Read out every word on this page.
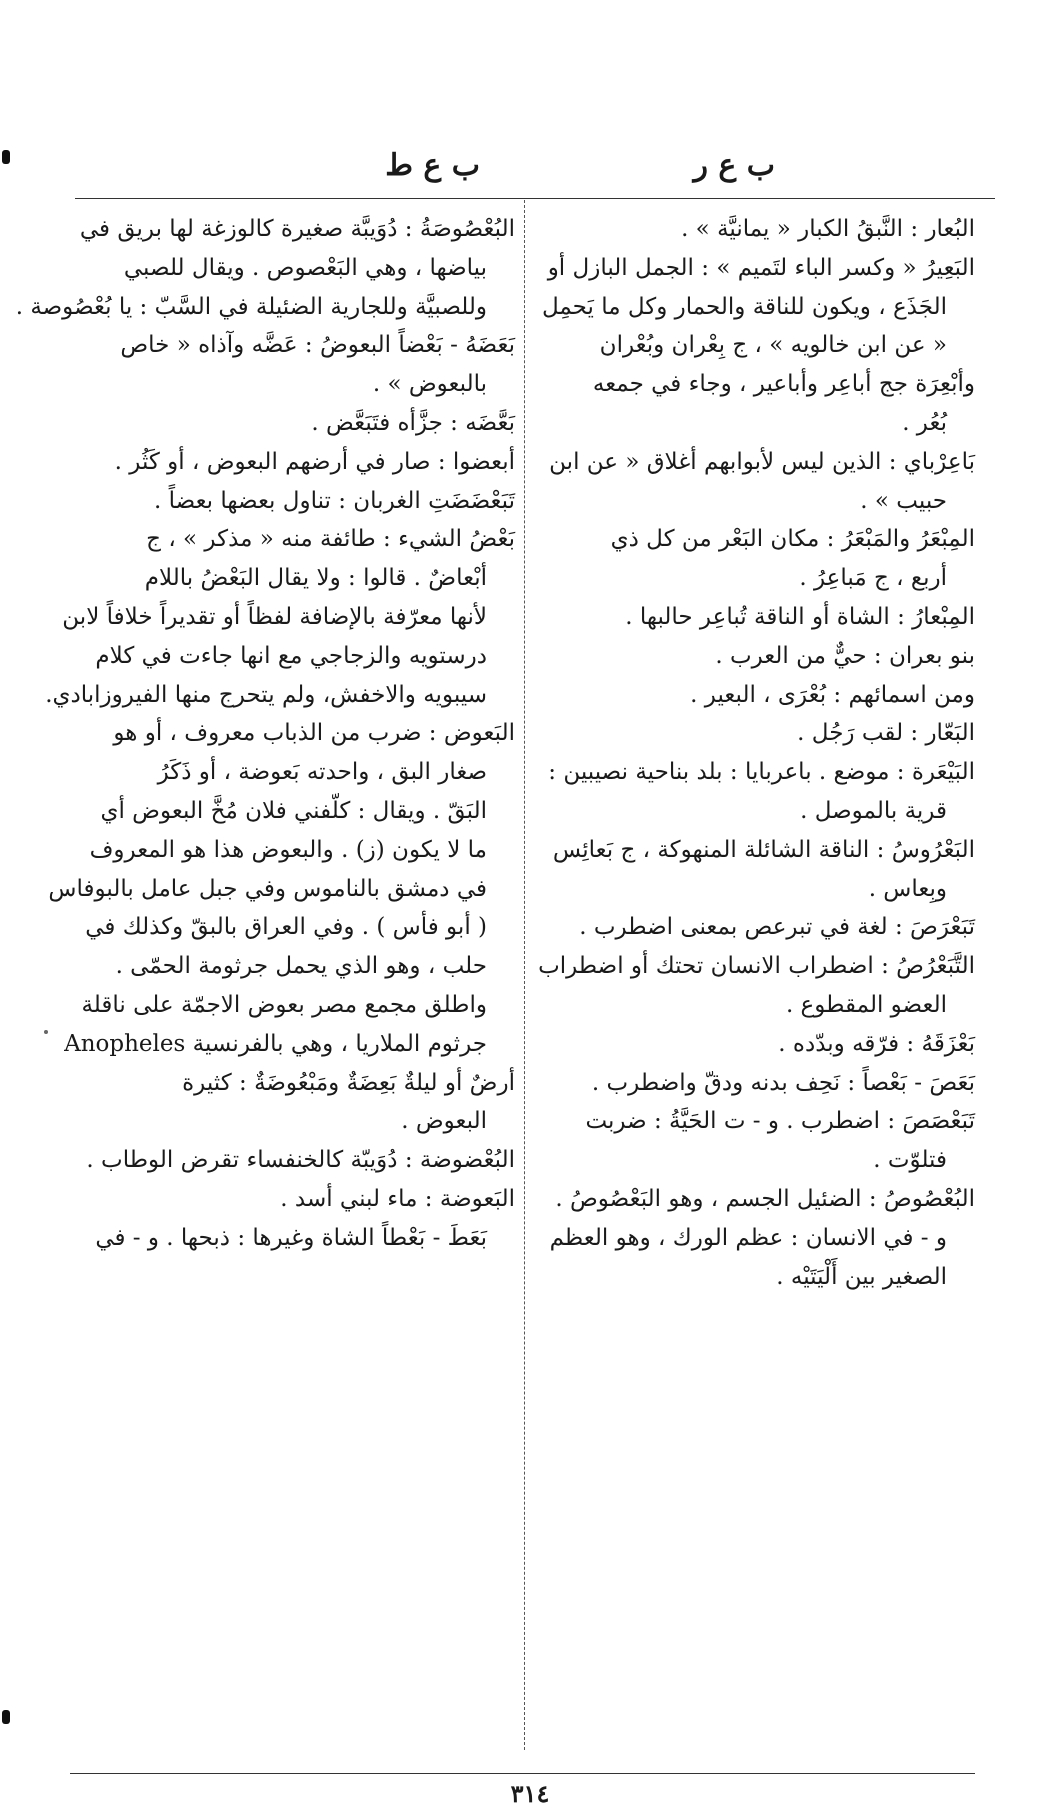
ب ع ر
ب ع ط
البُعار : النَّبقُ الكبار « يمانيَّة » .
البَعِيرُ « وكسر الباء لتَميم » : الجمل البازل أو
الجَذَع ، ويكون للناقة والحمار وكل ما يَحمِل
« عن ابن خالويه » ، ج بِعْران وبُعْران
وأبْعِرَة جج أباعِر وأباعير ، وجاء في جمعه
بُعُر .
بَاعِرْباي : الذين ليس لأبوابهم أغلاق « عن ابن
حبيب » .
المِبْعَرُ والمَبْعَرُ : مكان البَعْر من كل ذي
أربع ، ج مَباعِرُ .
المِبْعارُ : الشاة أو الناقة تُباعِر حالبها .
بنو بعران : حيٌّ من العرب .
ومن اسمائهم : بُعْرَى ، البعير .
البَعّار : لقب رَجُل .
البَيْعَرة : موضع . باعربايا : بلد بناحية نصيبين :
قرية بالموصل .
البَعْرُوسُ : الناقة الشائلة المنهوكة ، ج بَعائِس
وبِعاس .
تَبَعْرَصَ : لغة في تبرعص بمعنى اضطرب .
التَّبَعْرُصُ : اضطراب الانسان تحتك أو اضطراب
العضو المقطوع .
بَعْزَقَهُ : فرّقه وبدّده .
بَعَصَ - بَعْصاً : نَحِف بدنه ودقّ واضطرب .
تَبَعْصَصَ : اضطرب . و - ت الحَيَّةُ : ضربت
فتلوّت .
البُعْصُوصُ : الضئيل الجسم ، وهو البَعْصُوصُ .
و - في الانسان : عظم الورك ، وهو العظم
الصغير بين أَلْيَتَيْه .
البُعْصُوصَةُ : دُوَيبَّة صغيرة كالوزغة لها بريق في
بياضها ، وهي البَعْصوص . ويقال للصبي
وللصبيَّة وللجارية الضئيلة في السَّبّ : يا بُعْصُوصة .
بَعَضَهُ - بَعْضاً البعوضُ : عَضَّه وآذاه « خاص
بالبعوض » .
بَعَّضَه : جزَّأه فتَبَعَّض .
أبعضوا : صار في أرضهم البعوض ، أو كَثُر .
تَبَعْضَضَتِ الغربان : تناول بعضها بعضاً .
بَعْضُ الشيء : طائفة منه « مذكر » ، ج
أبْعاضٌ . قالوا : ولا يقال البَعْضُ باللام
لأنها معرّفة بالإضافة لفظاً أو تقديراً خلافاً لابن
درستويه والزجاجي مع انها جاءت في كلام
سيبويه والاخفش، ولم يتحرج منها الفيروزابادي.
البَعوض : ضرب من الذباب معروف ، أو هو
صغار البق ، واحدته بَعوضة ، أو ذَكَرُ
البَقّ . ويقال : كلّفني فلان مُخَّ البعوض أي
ما لا يكون (ز) . والبعوض هذا هو المعروف
في دمشق بالناموس وفي جبل عامل بالبوفاس
( أبو فأس ) . وفي العراق بالبقّ وكذلك في
حلب ، وهو الذي يحمل جرثومة الحمّى .
واطلق مجمع مصر بعوض الاجمّة على ناقلة
جرثوم الملاريا ، وهي بالفرنسية Anopheles
أرضٌ أو ليلةٌ بَعِضَةٌ ومَبْعُوضَةٌ : كثيرة
البعوض .
البُعْضوضة : دُوَيبّة كالخنفساء تقرض الوطاب .
البَعوضة : ماء لبني أسد .
بَعَطَ - بَعْطاً الشاة وغيرها : ذبحها . و - في
٣١٤
